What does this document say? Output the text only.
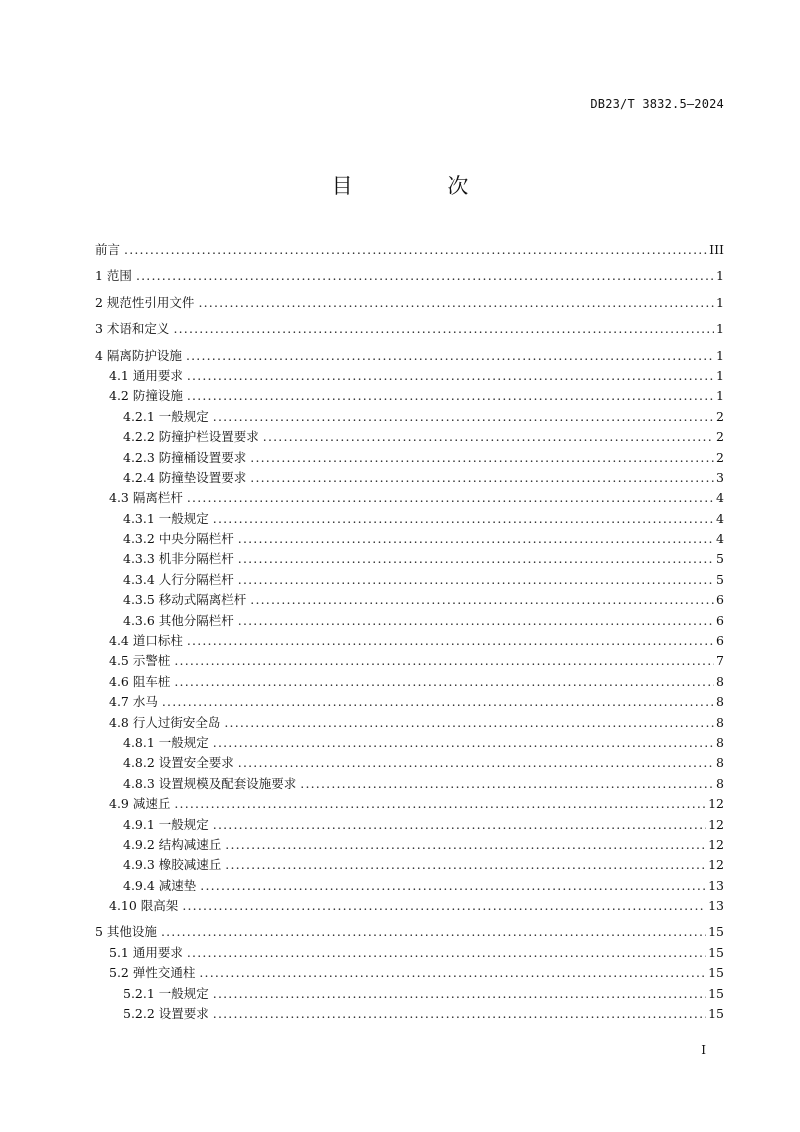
DB23/T 3832.5—2024
目 次
前言 .....	III
1 范围 .....	1
2 规范性引用文件 .....	1
3 术语和定义 .....	1
4 隔离防护设施 .....	1
4.1 通用要求 .....	1
4.2 防撞设施 .....	1
4.2.1 一般规定 .....	2
4.2.2 防撞护栏设置要求 .....	2
4.2.3 防撞桶设置要求 .....	2
4.2.4 防撞垫设置要求 .....	3
4.3 隔离栏杆 .....	4
4.3.1 一般规定 .....	4
4.3.2 中央分隔栏杆 .....	4
4.3.3 机非分隔栏杆 .....	5
4.3.4 人行分隔栏杆 .....	5
4.3.5 移动式隔离栏杆 .....	6
4.3.6 其他分隔栏杆 .....	6
4.4 道口标柱 .....	6
4.5 示警桩 .....	7
4.6 阻车桩 .....	8
4.7 水马 .....	8
4.8 行人过街安全岛 .....	8
4.8.1 一般规定 .....	8
4.8.2 设置安全要求 .....	8
4.8.3 设置规模及配套设施要求 .....	8
4.9 减速丘 .....	12
4.9.1 一般规定 .....	12
4.9.2 结构减速丘 .....	12
4.9.3 橡胶减速丘 .....	12
4.9.4 减速垫 .....	13
4.10 限高架 .....	13
5 其他设施 .....	15
5.1 通用要求 .....	15
5.2 弹性交通柱 .....	15
5.2.1 一般规定 .....	15
5.2.2 设置要求 .....	15
I
